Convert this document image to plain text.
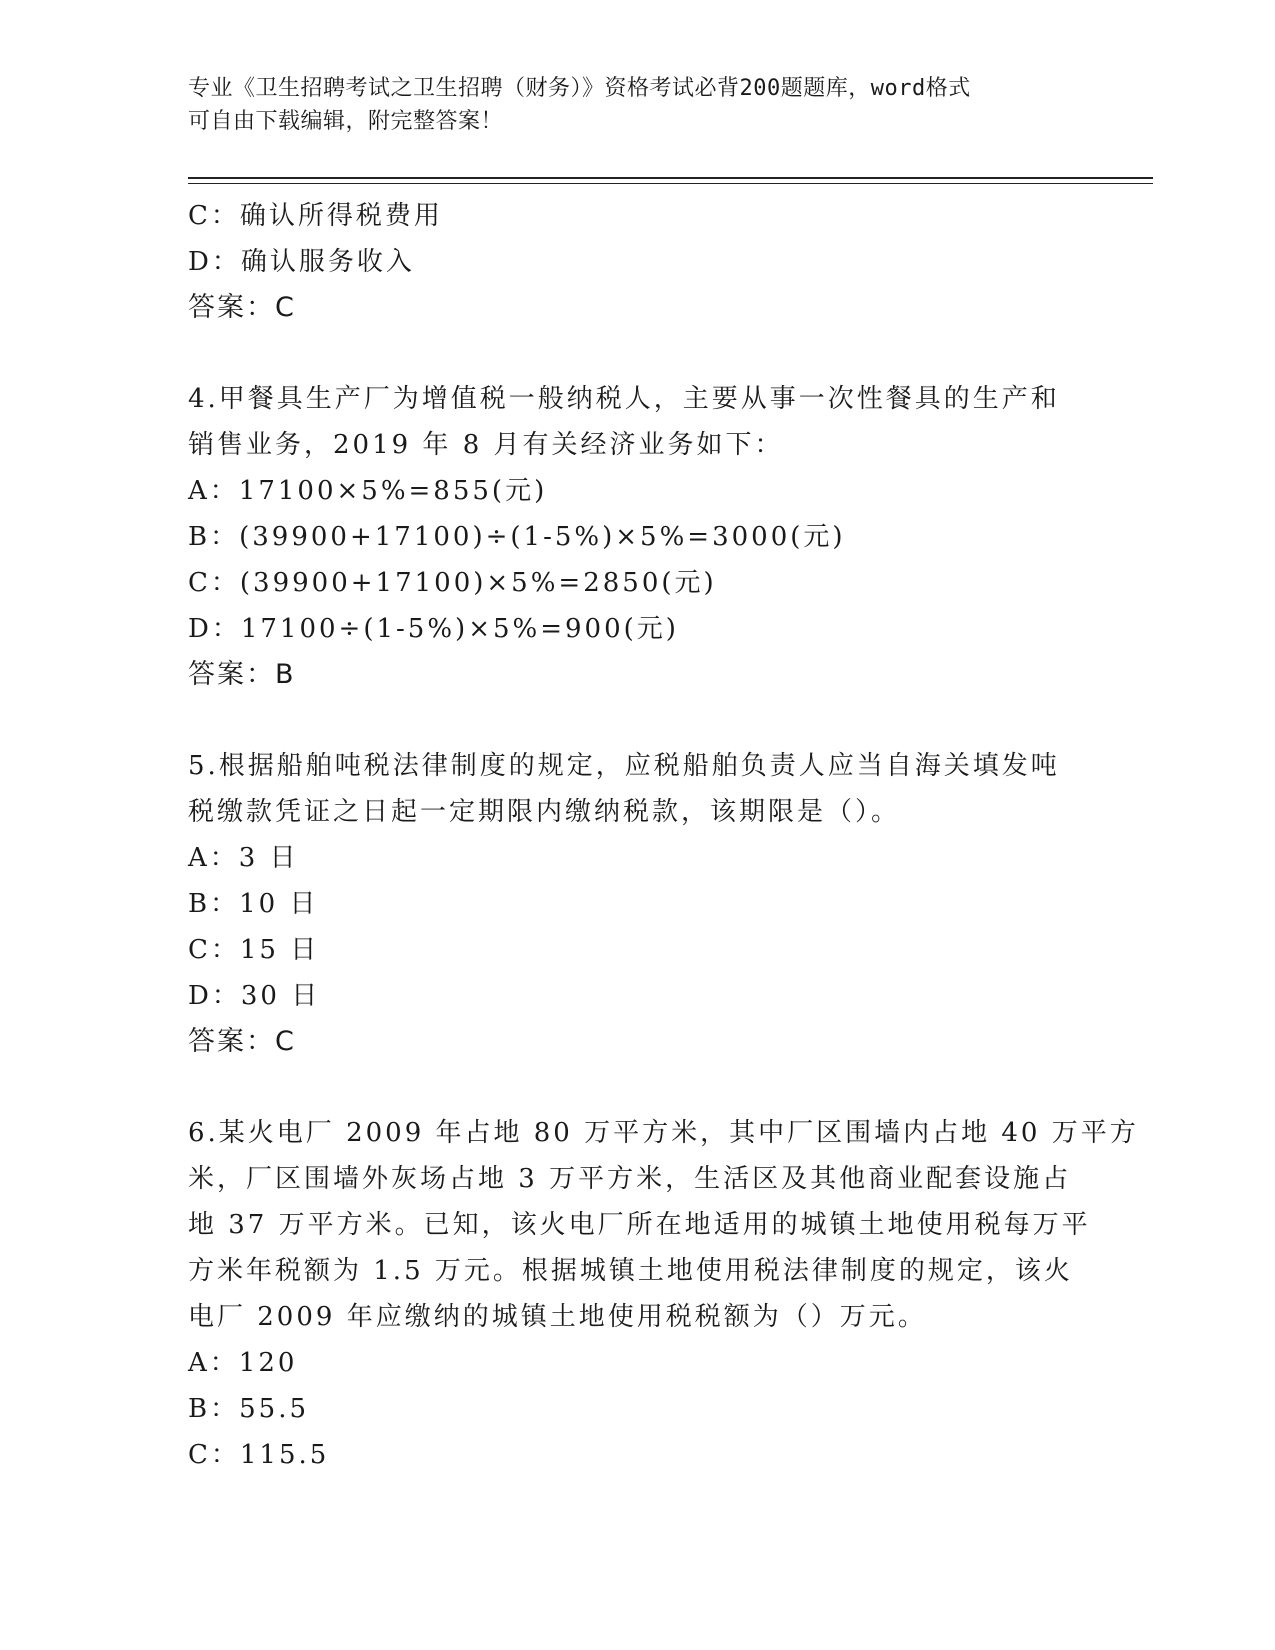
专业《卫生招聘考试之卫生招聘（财务）》资格考试必背200题题库，word格式
可自由下载编辑，附完整答案！
C：确认所得税费用
D：确认服务收入
答案：C
4.甲餐具生产厂为增值税一般纳税人，主要从事一次性餐具的生产和
销售业务，2019 年 8 月有关经济业务如下：
A：17100×5%=855(元)
B：(39900+17100)÷(1-5%)×5%=3000(元)
C：(39900+17100)×5%=2850(元)
D：17100÷(1-5%)×5%=900(元)
答案：B
5.根据船舶吨税法律制度的规定，应税船舶负责人应当自海关填发吨
税缴款凭证之日起一定期限内缴纳税款，该期限是（）。
A：3 日
B：10 日
C：15 日
D：30 日
答案：C
6.某火电厂 2009 年占地 80 万平方米，其中厂区围墙内占地 40 万平方
米，厂区围墙外灰场占地 3 万平方米，生活区及其他商业配套设施占
地 37 万平方米。已知，该火电厂所在地适用的城镇土地使用税每万平
方米年税额为 1.5 万元。根据城镇土地使用税法律制度的规定，该火
电厂 2009 年应缴纳的城镇土地使用税税额为（）万元。
A：120
B：55.5
C：115.5
